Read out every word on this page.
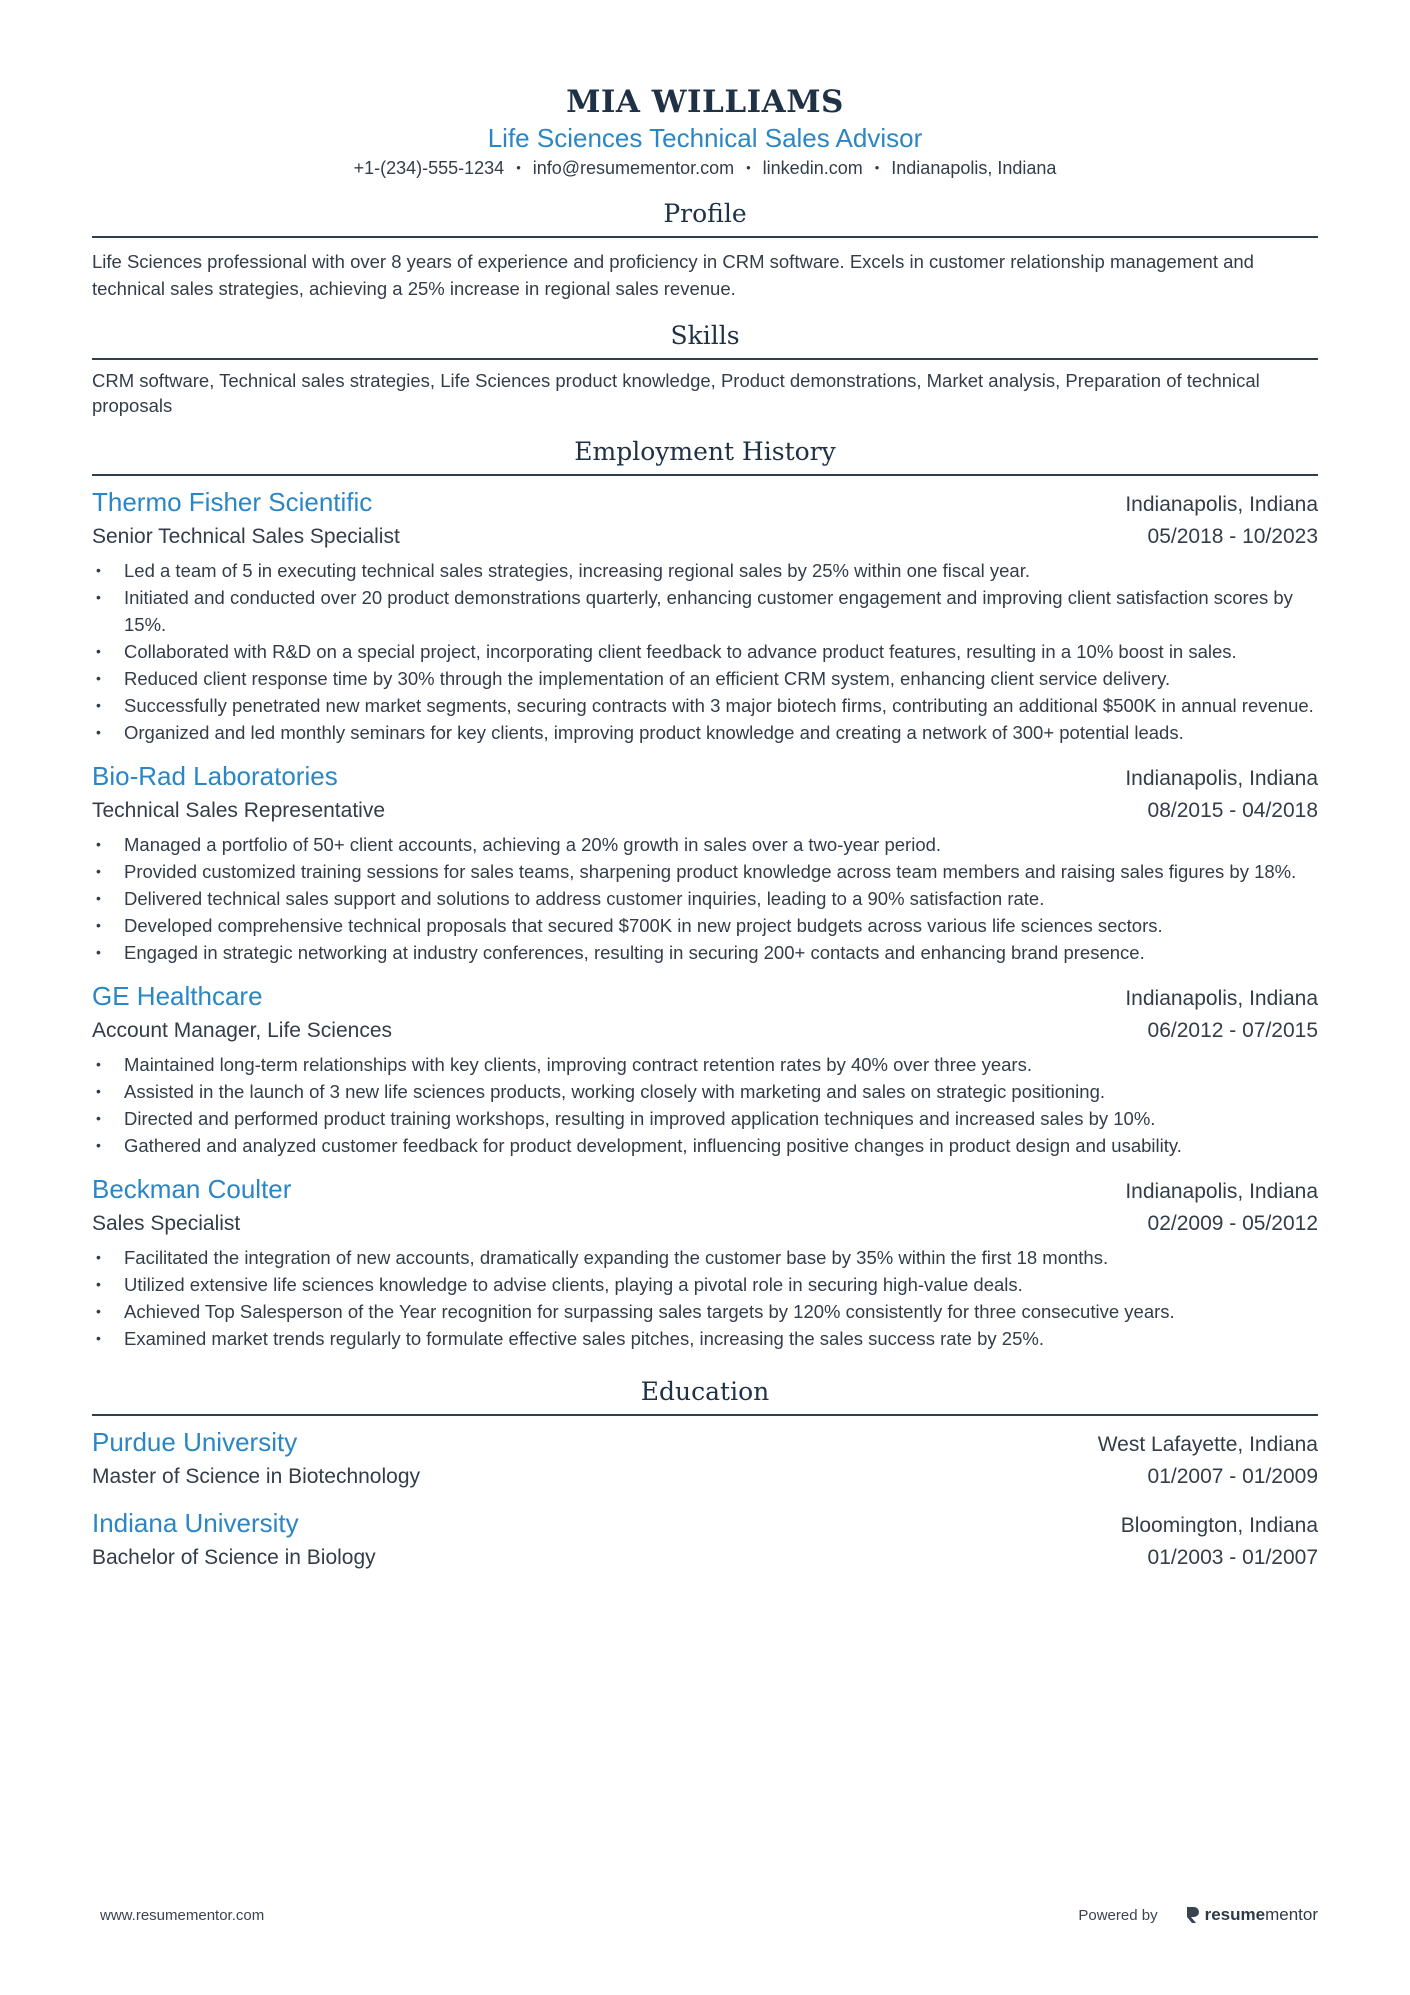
MIA WILLIAMS
Life Sciences Technical Sales Advisor
+1-(234)-555-1234 • info@resumementor.com • linkedin.com • Indianapolis, Indiana
Profile
Life Sciences professional with over 8 years of experience and proficiency in CRM software. Excels in customer relationship management and technical sales strategies, achieving a 25% increase in regional sales revenue.
Skills
CRM software, Technical sales strategies, Life Sciences product knowledge, Product demonstrations, Market analysis, Preparation of technical proposals
Employment History
Thermo Fisher Scientific	Indianapolis, Indiana
Senior Technical Sales Specialist	05/2018 - 10/2023
• Led a team of 5 in executing technical sales strategies, increasing regional sales by 25% within one fiscal year.
• Initiated and conducted over 20 product demonstrations quarterly, enhancing customer engagement and improving client satisfaction scores by 15%.
• Collaborated with R&D on a special project, incorporating client feedback to advance product features, resulting in a 10% boost in sales.
• Reduced client response time by 30% through the implementation of an efficient CRM system, enhancing client service delivery.
• Successfully penetrated new market segments, securing contracts with 3 major biotech firms, contributing an additional $500K in annual revenue.
• Organized and led monthly seminars for key clients, improving product knowledge and creating a network of 300+ potential leads.
Bio-Rad Laboratories	Indianapolis, Indiana
Technical Sales Representative	08/2015 - 04/2018
• Managed a portfolio of 50+ client accounts, achieving a 20% growth in sales over a two-year period.
• Provided customized training sessions for sales teams, sharpening product knowledge across team members and raising sales figures by 18%.
• Delivered technical sales support and solutions to address customer inquiries, leading to a 90% satisfaction rate.
• Developed comprehensive technical proposals that secured $700K in new project budgets across various life sciences sectors.
• Engaged in strategic networking at industry conferences, resulting in securing 200+ contacts and enhancing brand presence.
GE Healthcare	Indianapolis, Indiana
Account Manager, Life Sciences	06/2012 - 07/2015
• Maintained long-term relationships with key clients, improving contract retention rates by 40% over three years.
• Assisted in the launch of 3 new life sciences products, working closely with marketing and sales on strategic positioning.
• Directed and performed product training workshops, resulting in improved application techniques and increased sales by 10%.
• Gathered and analyzed customer feedback for product development, influencing positive changes in product design and usability.
Beckman Coulter	Indianapolis, Indiana
Sales Specialist	02/2009 - 05/2012
• Facilitated the integration of new accounts, dramatically expanding the customer base by 35% within the first 18 months.
• Utilized extensive life sciences knowledge to advise clients, playing a pivotal role in securing high-value deals.
• Achieved Top Salesperson of the Year recognition for surpassing sales targets by 120% consistently for three consecutive years.
• Examined market trends regularly to formulate effective sales pitches, increasing the sales success rate by 25%.
Education
Purdue University	West Lafayette, Indiana
Master of Science in Biotechnology	01/2007 - 01/2009
Indiana University	Bloomington, Indiana
Bachelor of Science in Biology	01/2003 - 01/2007
www.resumementor.com	Powered by	resume mentor
